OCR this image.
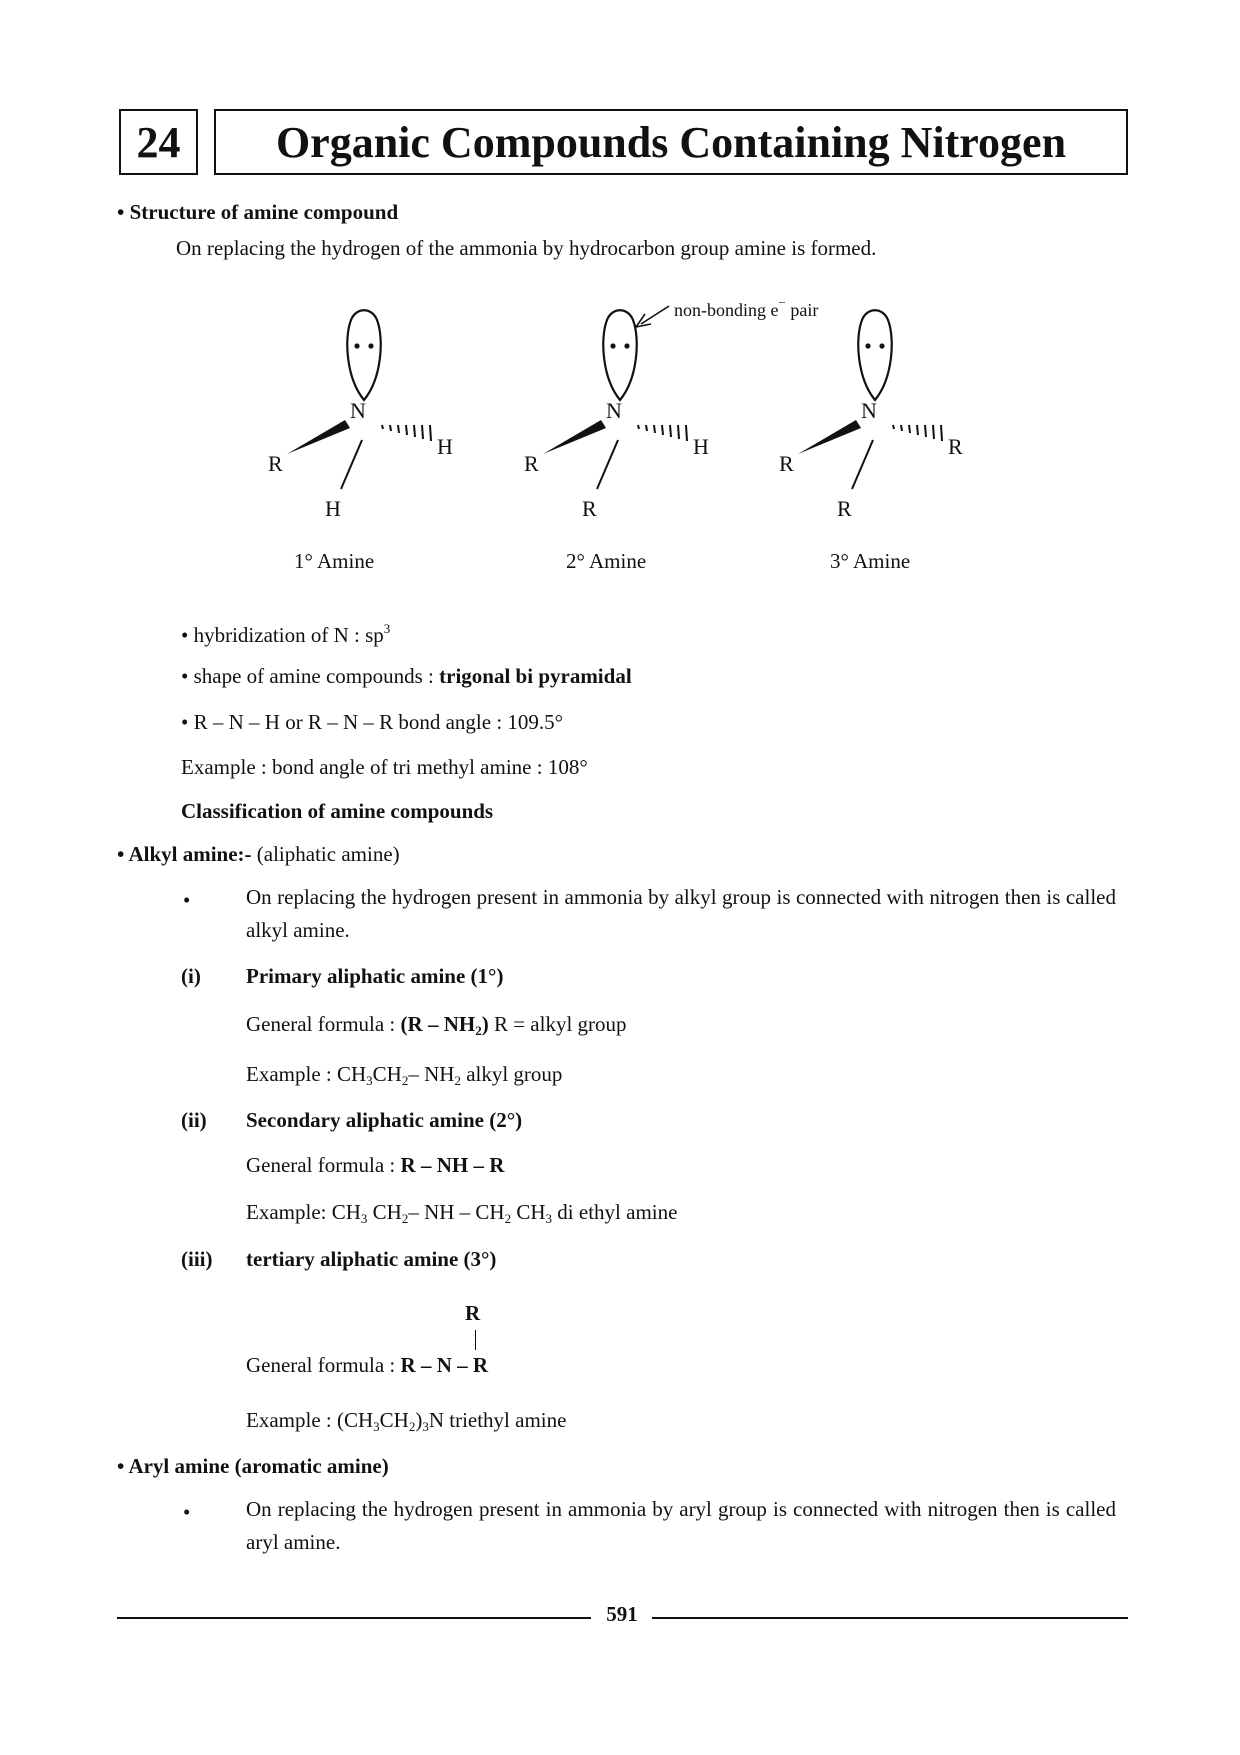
24 Organic Compounds Containing Nitrogen
• Structure of amine compound
On replacing the hydrogen of the ammonia by hydrocarbon group amine is formed.
non-bonding e− pair
N
R
H
H
1° Amine
N
R
H
R
2° Amine
N
R
R
R
3° Amine
• hybridization of N : $sp^3$
• shape of amine compounds : trigonal bi pyramidal
• R – N – H or R – N – R bond angle : 109.5°
Example : bond angle of tri methyl amine : 108°
Classification of amine compounds
• Alkyl amine:- (aliphatic amine)
•	On replacing the hydrogen present in ammonia by alkyl group is connected with nitrogen then is called alkyl amine.
(i) Primary aliphatic amine (1°)
General formula : $(R - NH_2)$ R = alkyl group
Example : $CH_3CH_2-$ $NH_2$ alkyl group
(ii) Secondary aliphatic amine (2°)
General formula : R – NH – R
Example: $CH_3$ $CH_2-$ NH – $CH_2$ $CH_3$ di ethyl amine
(iii) tertiary aliphatic amine (3°)
R
General formula : R – N – R
Example : $(CH_3CH_2)_3N$ triethyl amine
• Aryl amine (aromatic amine)
•	On replacing the hydrogen present in ammonia by aryl group is connected with nitrogen then is called aryl amine.
591
